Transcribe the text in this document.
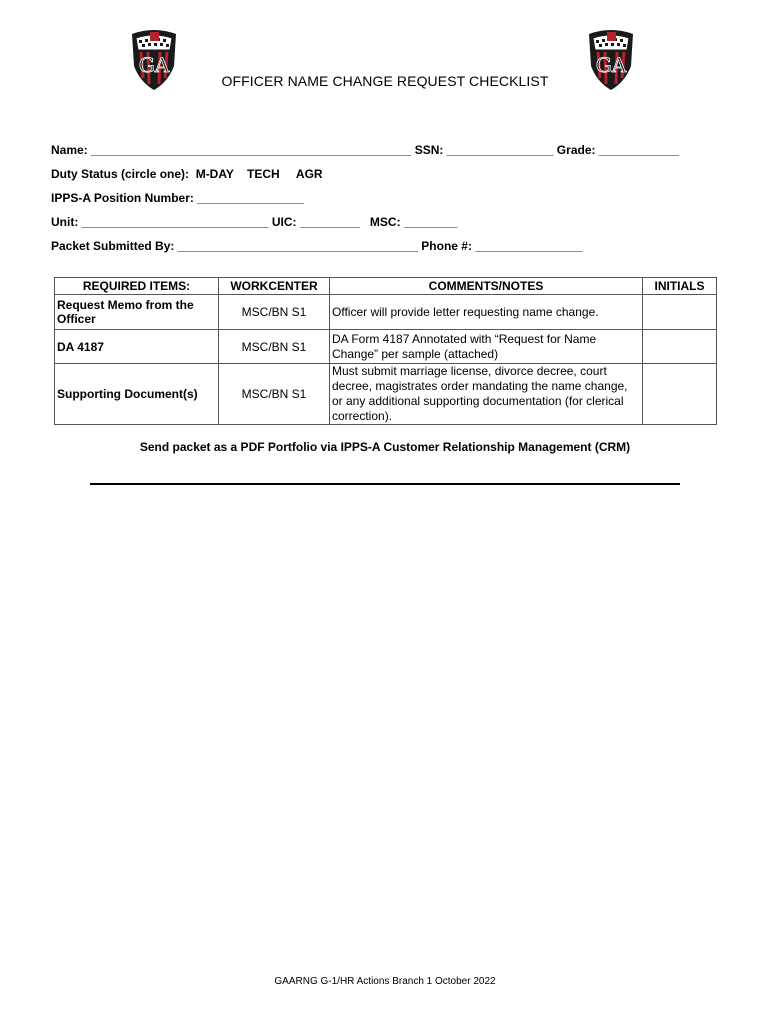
GA
OFFICER NAME CHANGE REQUEST CHECKLIST
GA
Name: ________________________________________________ SSN: ________________ Grade: ____________
Duty Status (circle one):  M-DAY    TECH     AGR
IPPS-A Position Number: ________________
Unit: ____________________________ UIC: _________   MSC: ________
Packet Submitted By: ____________________________________ Phone #: ________________
REQUIRED ITEMS:	WORKCENTER	COMMENTS/NOTES	INITIALS
Request Memo from the Officer	MSC/BN S1	Officer will provide letter requesting name change.	
DA 4187	MSC/BN S1	DA Form 4187 Annotated with “Request for Name Change” per sample (attached)	
Supporting Document(s)	MSC/BN S1	Must submit marriage license, divorce decree, court decree, magistrates order mandating the name change, or any additional supporting documentation (for clerical correction).	
Send packet as a PDF Portfolio via IPPS-A Customer Relationship Management (CRM)
GAARNG G-1/HR Actions Branch 1 October 2022
